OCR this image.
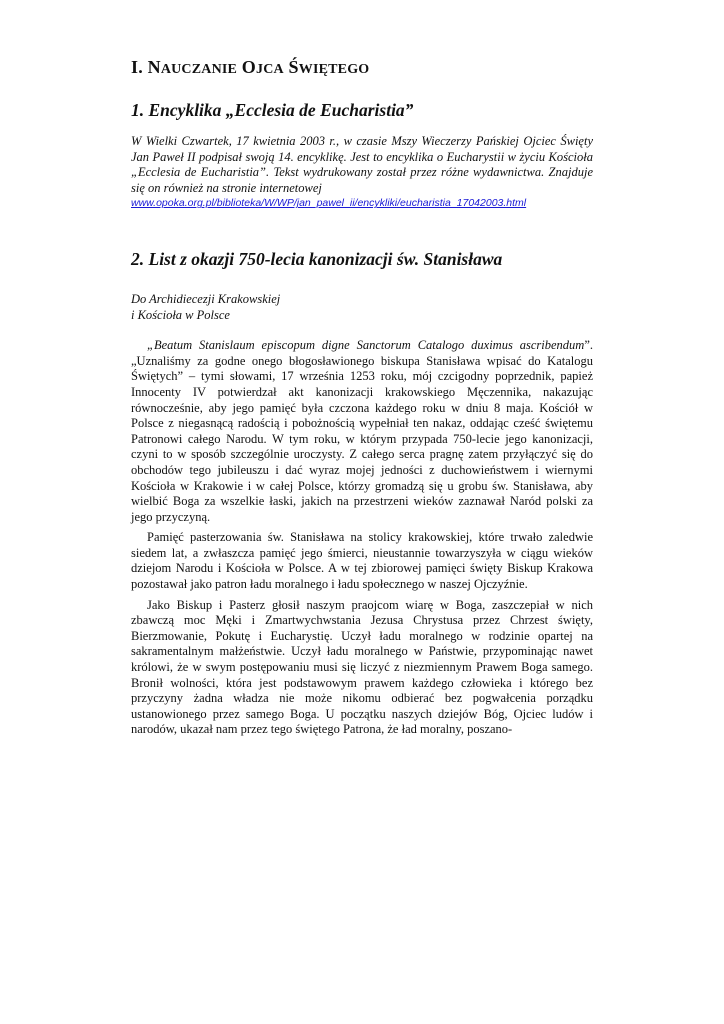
I. NAUCZANIE OJCA ŚWIĘTEGO
1. Encyklika „Ecclesia de Eucharistia”

W Wielki Czwartek, 17 kwietnia 2003 r., w czasie Mszy Wieczerzy Pańskiej Ojciec Święty Jan Paweł II podpisał swoją 14. encyklikę. Jest to encyklika o Eucharystii w życiu Kościoła „Ecclesia de Eucharistia”. Tekst wydrukowany został przez różne wydawnictwa. Znajduje się on również na stronie internetowej
www.opoka.org.pl/biblioteka/W/WP/jan_pawel_ii/encykliki/eucharistia_17042003.html

2. List z okazji 750-lecia kanonizacji św. Stanisława

Do Archidiecezji Krakowskiej
i Kościoła w Polsce

„Beatum Stanislaum episcopum digne Sanctorum Catalogo duximus ascribendum”. „Uznaliśmy za godne onego błogosławionego biskupa Stanisława wpisać do Katalogu Świętych” – tymi słowami, 17 września 1253 roku, mój czcigodny poprzednik, papież Innocenty IV potwierdzał akt kanonizacji krakowskiego Męczennika, nakazując równocześnie, aby jego pamięć była czczona każdego roku w dniu 8 maja. Kościół w Polsce z niegasnącą radością i pobożnością wypełniał ten nakaz, oddając cześć świętemu Patronowi całego Narodu. W tym roku, w którym przypada 750-lecie jego kanonizacji, czyni to w sposób szczególnie uroczysty. Z całego serca pragnę zatem przyłączyć się do obchodów tego jubileuszu i dać wyraz mojej jedności z duchowieństwem i wiernymi Kościoła w Krakowie i w całej Polsce, którzy gromadzą się u grobu św. Stanisława, aby wielbić Boga za wszelkie łaski, jakich na przestrzeni wieków zaznawał Naród polski za jego przyczyną.

Pamięć pasterzowania św. Stanisława na stolicy krakowskiej, które trwało zaledwie siedem lat, a zwłaszcza pamięć jego śmierci, nieustannie towarzyszyła w ciągu wieków dziejom Narodu i Kościoła w Polsce. A w tej zbiorowej pamięci święty Biskup Krakowa pozostawał jako patron ładu moralnego i ładu społecznego w naszej Ojczyźnie.

Jako Biskup i Pasterz głosił naszym praojcom wiarę w Boga, zaszczepiał w nich zbawczą moc Męki i Zmartwychwstania Jezusa Chrystusa przez Chrzest święty, Bierzmowanie, Pokutę i Eucharystię. Uczył ładu moralnego w rodzinie opartej na sakramentalnym małżeństwie. Uczył ładu moralnego w Państwie, przypominając nawet królowi, że w swym postępowaniu musi się liczyć z niezmiennym Prawem Boga samego. Bronił wolności, która jest podstawowym prawem każdego człowieka i którego bez przyczyny żadna władza nie może nikomu odbierać bez pogwałcenia porządku ustanowionego przez samego Boga. U początku naszych dziejów Bóg, Ojciec ludów i narodów, ukazał nam przez tego świętego Patrona, że ład moralny, poszano-
